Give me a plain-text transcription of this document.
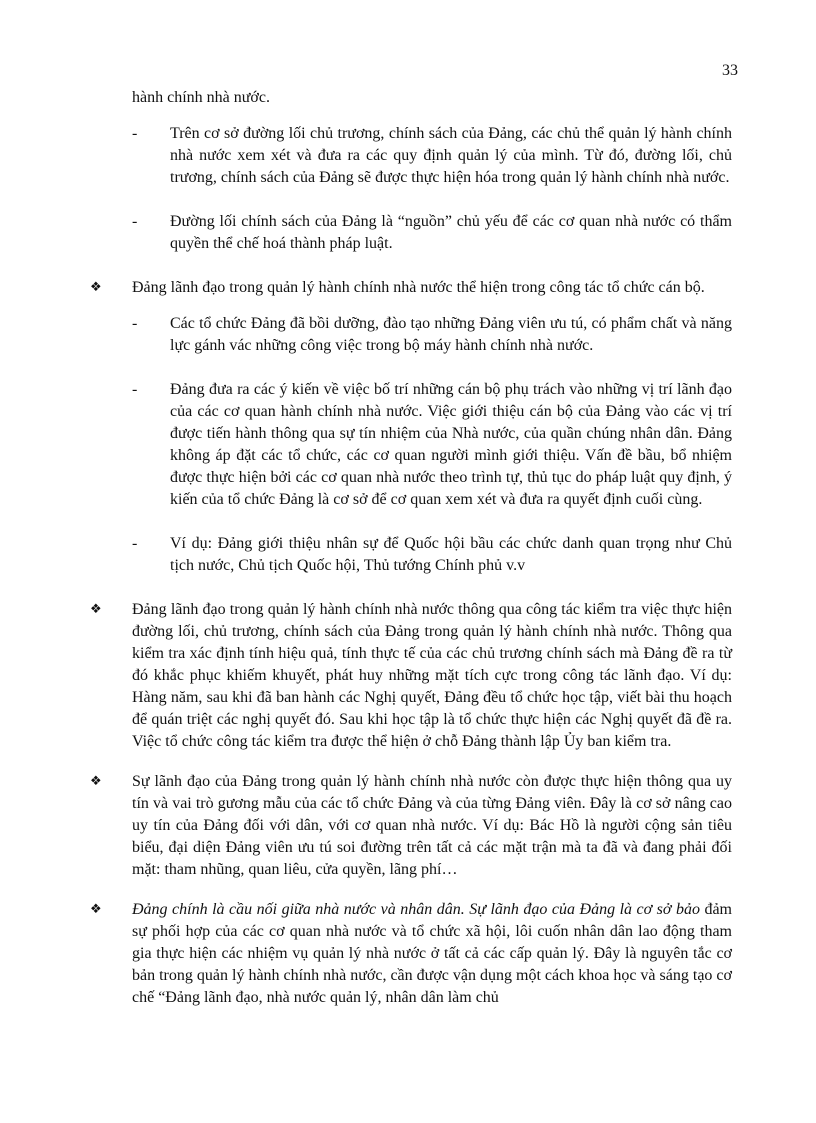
33

hành chính nhà nước.

-	Trên cơ sở đường lối chủ trương, chính sách của Đảng, các chủ thể quản lý hành chính nhà nước xem xét và đưa ra các quy định quản lý của mình. Từ đó, đường lối, chủ trương, chính sách của Đảng sẽ được thực hiện hóa trong quản lý hành chính nhà nước.

-	Đường lối chính sách của Đảng là “nguồn” chủ yếu để các cơ quan nhà nước có thẩm quyền thể chế hoá thành pháp luật.

❖	Đảng lãnh đạo trong quản lý hành chính nhà nước thể hiện trong công tác tổ chức cán bộ.

-	Các tổ chức Đảng đã bồi dưỡng, đào tạo những Đảng viên ưu tú, có phẩm chất và năng lực gánh vác những công việc trong bộ máy hành chính nhà nước.

-	Đảng đưa ra các ý kiến về việc bố trí những cán bộ phụ trách vào những vị trí lãnh đạo của các cơ quan hành chính nhà nước. Việc giới thiệu cán bộ của Đảng vào các vị trí được tiến hành thông qua sự tín nhiệm của Nhà nước, của quần chúng nhân dân. Đảng không áp đặt các tổ chức, các cơ quan người mình giới thiệu. Vấn đề bầu, bổ nhiệm được thực hiện bởi các cơ quan nhà nước theo trình tự, thủ tục do pháp luật quy định, ý kiến của tổ chức Đảng là cơ sở để cơ quan xem xét và đưa ra quyết định cuối cùng.

-	Ví dụ: Đảng giới thiệu nhân sự để Quốc hội bầu các chức danh quan trọng như Chủ tịch nước, Chủ tịch Quốc hội, Thủ tướng Chính phủ v.v

❖	Đảng lãnh đạo trong quản lý hành chính nhà nước thông qua công tác kiểm tra việc thực hiện đường lối, chủ trương, chính sách của Đảng trong quản lý hành chính nhà nước. Thông qua kiểm tra xác định tính hiệu quả, tính thực tế của các chủ trương chính sách mà Đảng đề ra từ đó khắc phục khiếm khuyết, phát huy những mặt tích cực trong công tác lãnh đạo. Ví dụ: Hàng năm, sau khi đã ban hành các Nghị quyết, Đảng đều tổ chức học tập, viết bài thu hoạch để quán triệt các nghị quyết đó. Sau khi học tập là tổ chức thực hiện các Nghị quyết đã đề ra. Việc tổ chức công tác kiểm tra được thể hiện ở chỗ Đảng thành lập Ủy ban kiểm tra.

❖	Sự lãnh đạo của Đảng trong quản lý hành chính nhà nước còn được thực hiện thông qua uy tín và vai trò gương mẫu của các tổ chức Đảng và của từng Đảng viên. Đây là cơ sở nâng cao uy tín của Đảng đối với dân, với cơ quan nhà nước. Ví dụ: Bác Hồ là người cộng sản tiêu biểu, đại diện Đảng viên ưu tú soi đường trên tất cả các mặt trận mà ta đã và đang phải đối mặt: tham nhũng, quan liêu, cửa quyền, lãng phí…

❖	Đảng chính là cầu nối giữa nhà nước và nhân dân. Sự lãnh đạo của Đảng là cơ sở bảo đảm sự phối hợp của các cơ quan nhà nước và tổ chức xã hội, lôi cuốn nhân dân lao động tham gia thực hiện các nhiệm vụ quản lý nhà nước ở tất cả các cấp quản lý. Đây là nguyên tắc cơ bản trong quản lý hành chính nhà nước, cần được vận dụng một cách khoa học và sáng tạo cơ chế “Đảng lãnh đạo, nhà nước quản lý, nhân dân làm chủ
